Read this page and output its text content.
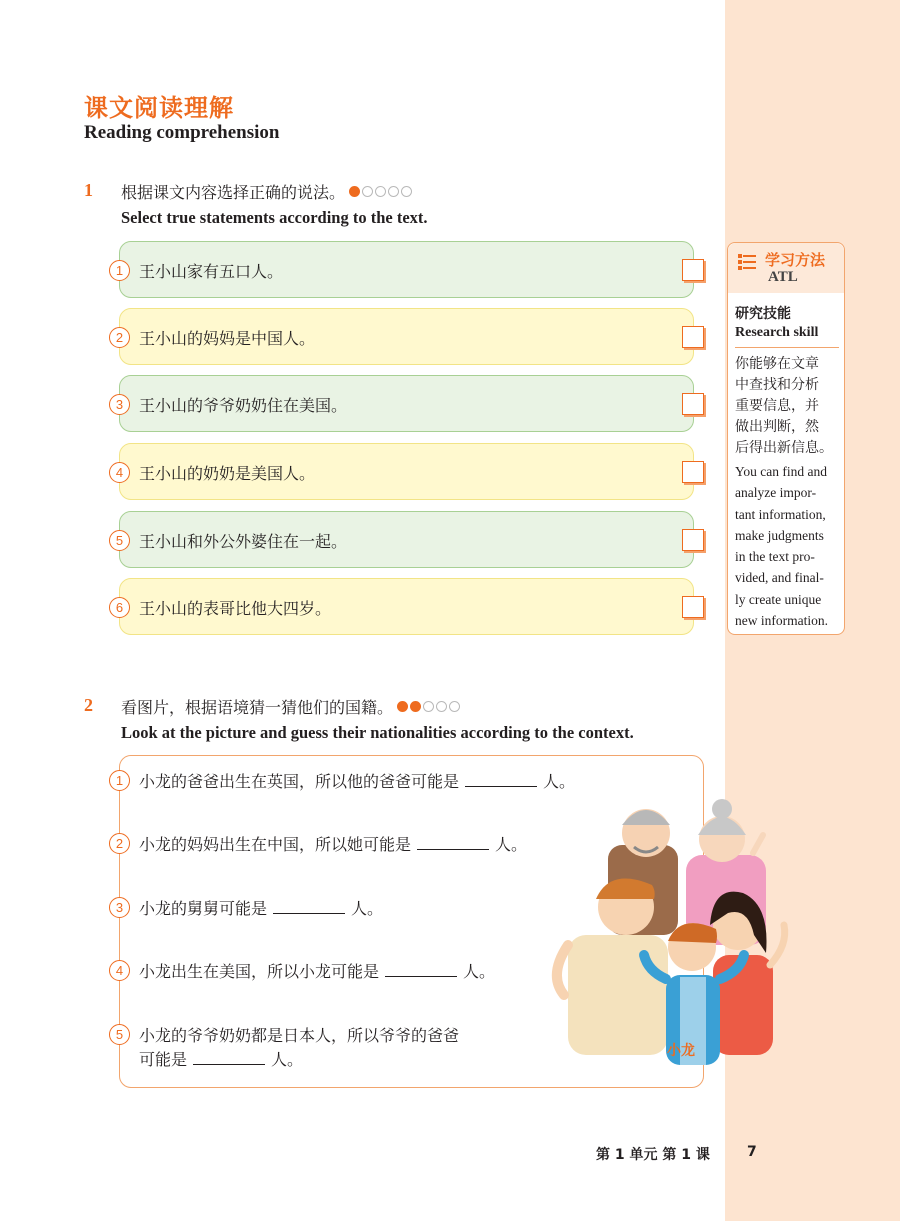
课文阅读理解
Reading comprehension
1 根据课文内容选择正确的说法。
Select true statements according to the text.
1 王小山家有五口人。
2 王小山的妈妈是中国人。
3 王小山的爷爷奶奶住在美国。
4 王小山的奶奶是美国人。
5 王小山和外公外婆住在一起。
6 王小山的表哥比他大四岁。
学习方法
ATL
研究技能
Research skill
你能够在文章
中查找和分析
重要信息，并
做出判断，然
后得出新信息。
You can find and
analyze impor-
tant information,
make judgments
in the text pro-
vided, and final-
ly create unique
new information.
2 看图片，根据语境猜一猜他们的国籍。
Look at the picture and guess their nationalities according to the context.
1 小龙的爸爸出生在英国，所以他的爸爸可能是	人。
2 小龙的妈妈出生在中国，所以她可能是	人。
3 小龙的舅舅可能是	人。
4 小龙出生在美国，所以小龙可能是	人。
5 小龙的爷爷奶奶都是日本人，所以爷爷的爸爸
可能是	人。	小龙
第 1 单元 第 1 课	7
